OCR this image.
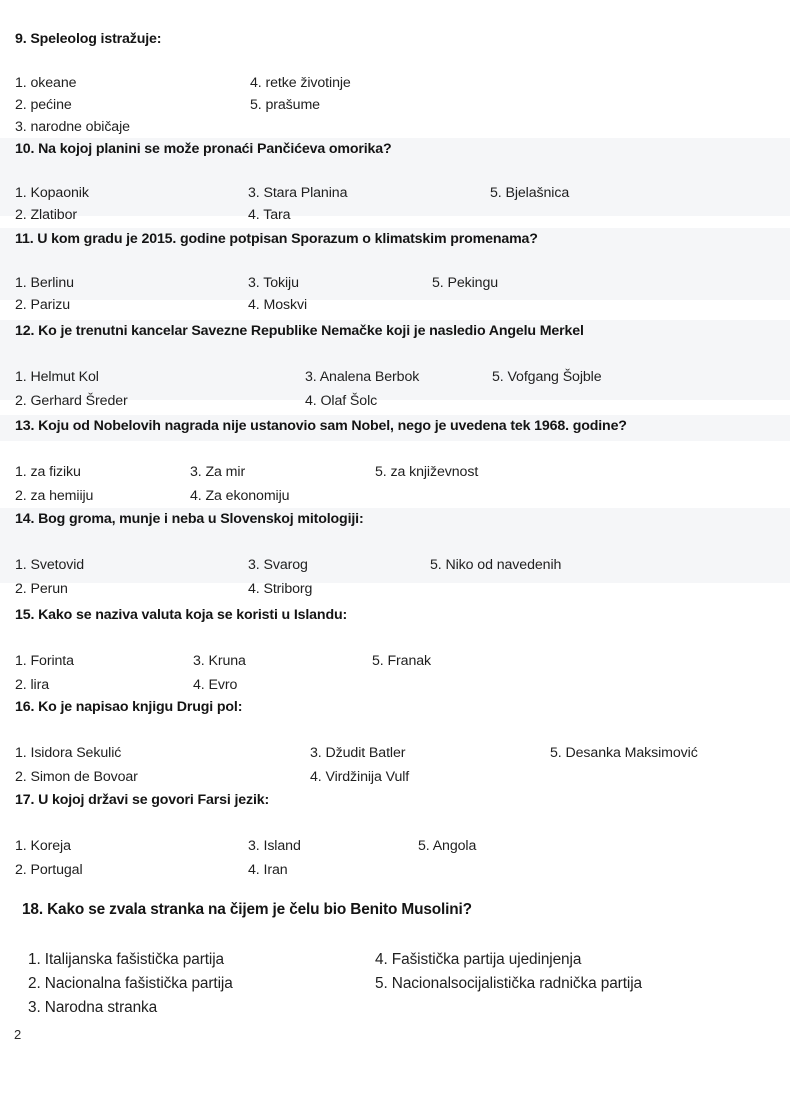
9. Speleolog istražuje:
1. okeane
2. pećine
3. narodne običaje
4. retke životinje
5. prašume
10. Na kojoj planini se može pronaći Pančićeva omorika?
1. Kopaonik
2. Zlatibor
3. Stara Planina
4. Tara
5. Bjelašnica
11. U kom gradu je 2015. godine potpisan Sporazum o klimatskim promenama?
1. Berlinu
2. Parizu
3. Tokiju
4. Moskvi
5. Pekingu
12. Ko je trenutni kancelar Savezne Republike Nemačke koji je nasledio Angelu Merkel
1. Helmut Kol
2. Gerhard Šreder
3. Analena Berbok
4. Olaf Šolc
5. Vofgang Šojble
13. Koju od Nobelovih nagrada nije ustanovio sam Nobel, nego je uvedena tek 1968. godine?
1. za fiziku
2. za hemiiju
3. Za mir
4. Za ekonomiju
5. za književnost
14. Bog groma, munje i neba u Slovenskoj mitologiji:
1. Svetovid
2. Perun
3. Svarog
4. Striborg
5. Niko od navedenih
15. Kako se naziva valuta koja se koristi u Islandu:
1. Forinta
2. lira
3. Kruna
4. Evro
5. Franak
16. Ko je napisao knjigu Drugi pol:
1. Isidora Sekulić
2. Simon de Bovoar
3. Džudit Batler
4. Virdžinija Vulf
5. Desanka Maksimović
17. U kojoj državi se govori Farsi jezik:
1. Koreja
2. Portugal
3. Island
4. Iran
5. Angola
18. Kako se zvala stranka na čijem je čelu bio Benito Musolini?
1. Italijanska fašistička partija
2. Nacionalna fašistička partija
3. Narodna stranka
4. Fašistička partija ujedinjenja
5. Nacionalsocijalistička radnička partija
2
